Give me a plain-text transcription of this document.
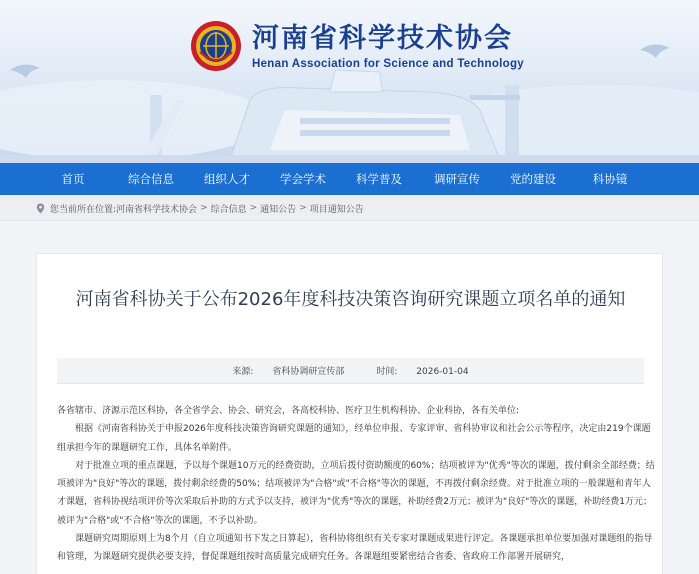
河南省科学技术协会
Henan Association for Science and Technology
首页	综合信息	组织人才	学会学术	科学普及	调研宣传	党的建设	科协镜
您当前所在位置: 河南省科学技术协会 > 综合信息 > 通知公告 > 项目通知公告
河南省科协关于公布2026年度科技决策咨询研究课题立项名单的通知
来源: 省科协调研宣传部	时间: 2026-01-04

各省辖市、济源示范区科协，各全省学会、协会、研究会，各高校科协、医疗卫生机构科协、企业科协，各有关单位:

根据《河南省科协关于申报2026年度科技决策咨询研究课题的通知》，经单位申报、专家评审、省科协审议和社会公示等程序，决定由219个课题组承担今年的课题研究工作，具体名单附件。

对于批准立项的重点课题，予以每个课题10万元的经费资助，立项后拨付资助额度的60%；结项被评为"优秀"等次的课题，拨付剩余全部经费；结项被评为"良好"等次的课题，拨付剩余经费的50%；结项被评为"合格"或"不合格"等次的课题，不再拨付剩余经费。对于批准立项的一般课题和青年人才课题，省科协视结项评价等次采取后补助的方式予以支持，被评为"优秀"等次的课题，补助经费2万元；被评为"良好"等次的课题，补助经费1万元；被评为"合格"或"不合格"等次的课题，不予以补助。

课题研究周期原则上为8个月（自立项通知书下发之日算起），省科协将组织有关专家对课题成果进行评定。各课题承担单位要加强对课题组的指导和管理，为课题研究提供必要支持，督促课题组按时高质量完成研究任务。各课题组要紧密结合省委、省政府工作部署开展研究，
